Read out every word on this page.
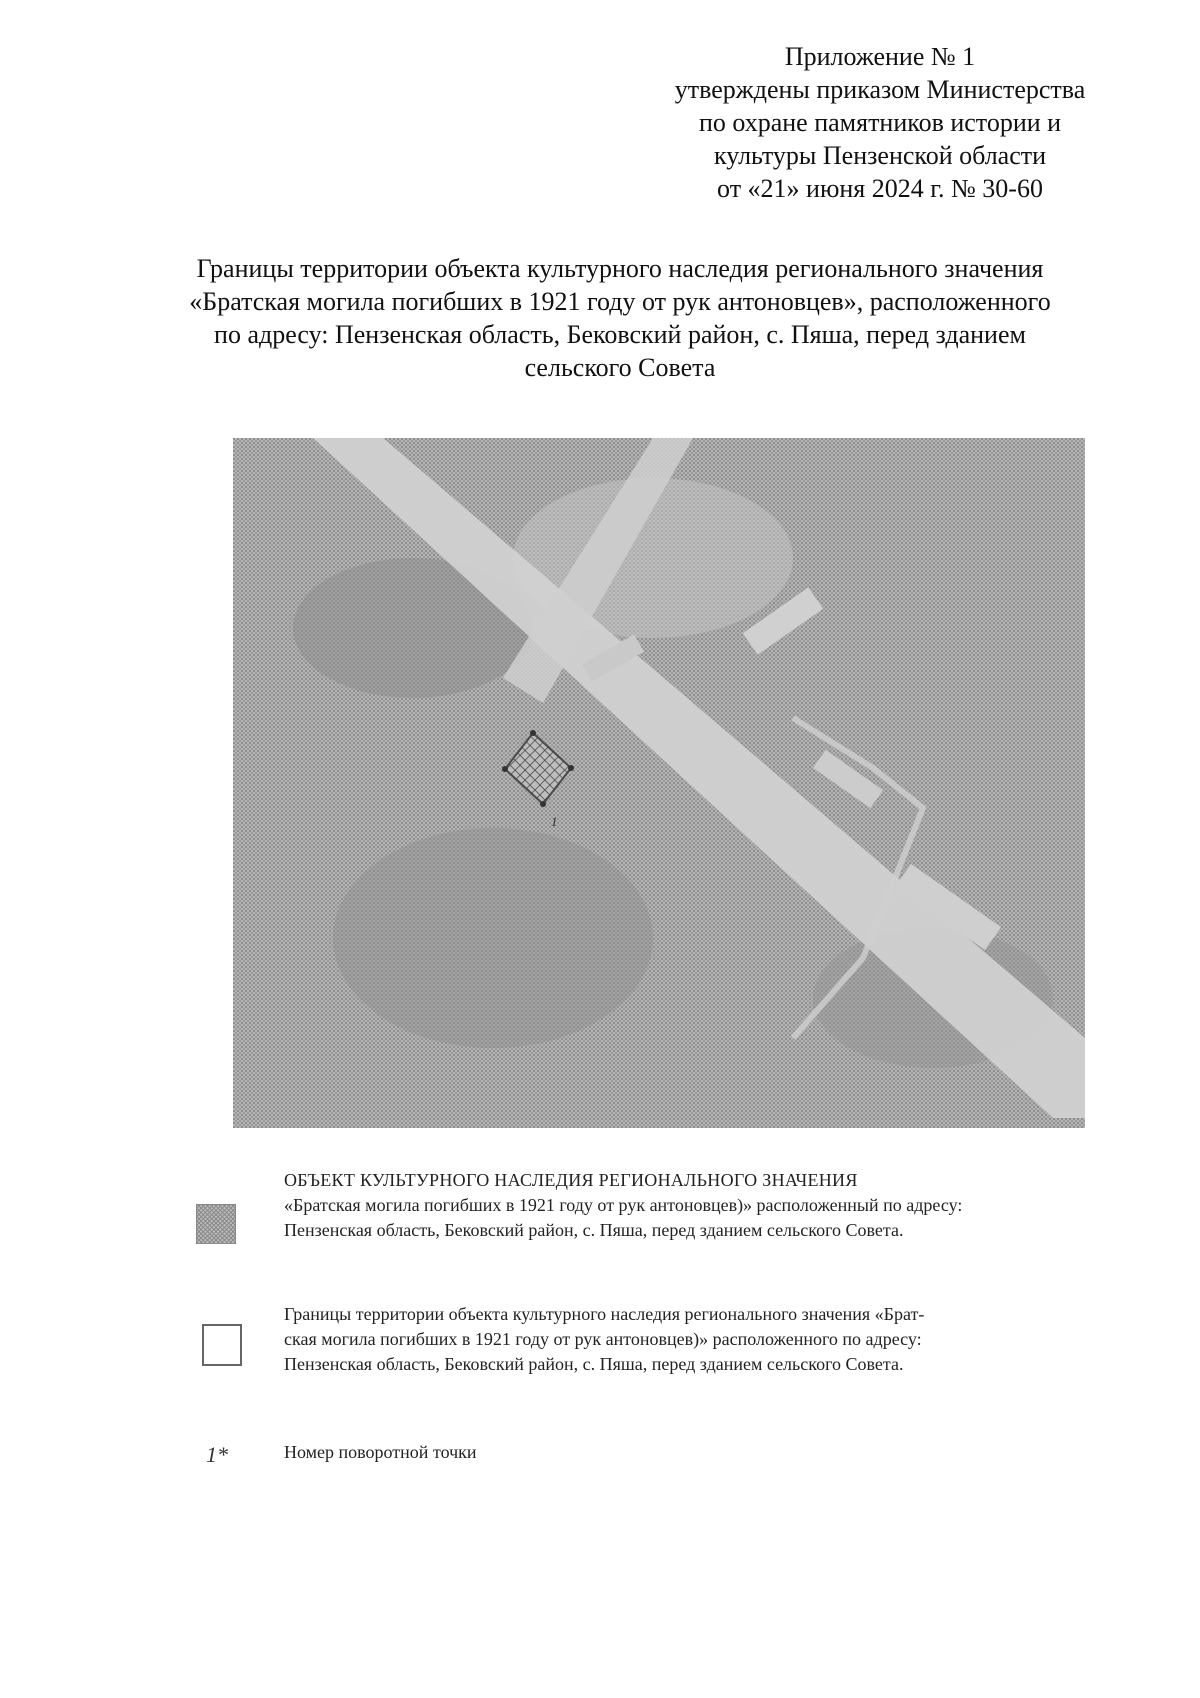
Приложение № 1
утверждены приказом Министерства
по охране памятников истории и
культуры Пензенской области
от «21» июня 2024 г. № 30-60
Границы территории объекта культурного наследия регионального значения
«Братская могила погибших в 1921 году от рук антоновцев», расположенного
по адресу: Пензенская область, Бековский район, с. Пяша, перед зданием
сельского Совета
1
ОБЪЕКТ КУЛЬТУРНОГО НАСЛЕДИЯ РЕГИОНАЛЬНОГО ЗНАЧЕНИЯ
«Братская могила погибших в 1921 году от рук антоновцев)» расположенный по адресу:
Пензенская область, Бековский район, с. Пяша, перед зданием сельского Совета.
Границы территории объекта культурного наследия регионального значения «Брат-
ская могила погибших в 1921 году от рук антоновцев)» расположенного по адресу:
Пензенская область, Бековский район, с. Пяша, перед зданием сельского Совета.
1*	Номер поворотной точки
